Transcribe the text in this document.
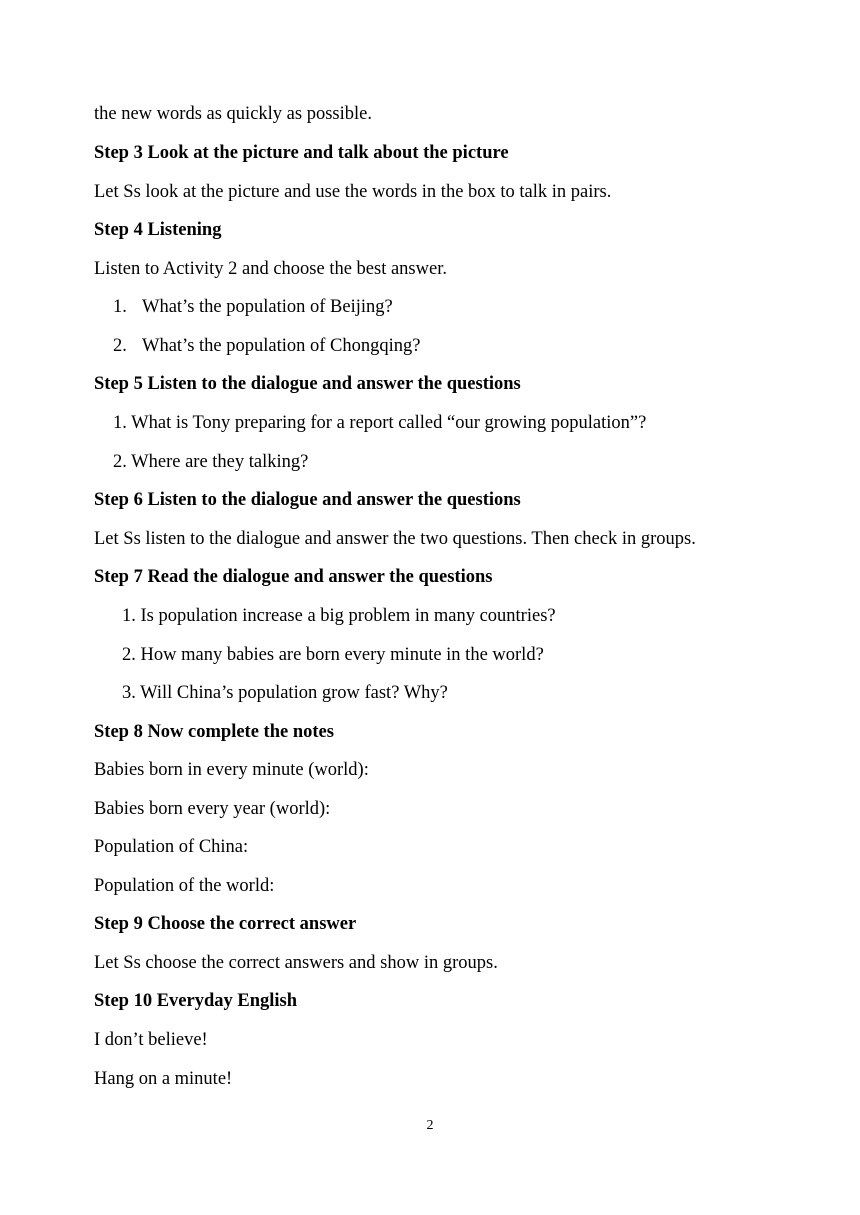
the new words as quickly as possible.
Step 3 Look at the picture and talk about the picture
Let Ss look at the picture and use the words in the box to talk in pairs.
Step 4 Listening
Listen to Activity 2 and choose the best answer.
1. What’s the population of Beijing?
2. What’s the population of Chongqing?
Step 5 Listen to the dialogue and answer the questions
1. What is Tony preparing for a report called “our growing population”?
2. Where are they talking?
Step 6 Listen to the dialogue and answer the questions
Let Ss listen to the dialogue and answer the two questions. Then check in groups.
Step 7 Read the dialogue and answer the questions
1. Is population increase a big problem in many countries?
2. How many babies are born every minute in the world?
3. Will China’s population grow fast? Why?
Step 8 Now complete the notes
Babies born in every minute (world):
Babies born every year (world):
Population of China:
Population of the world:
Step 9 Choose the correct answer
Let Ss choose the correct answers and show in groups.
Step 10 Everyday English
I don’t believe!
Hang on a minute!
2
